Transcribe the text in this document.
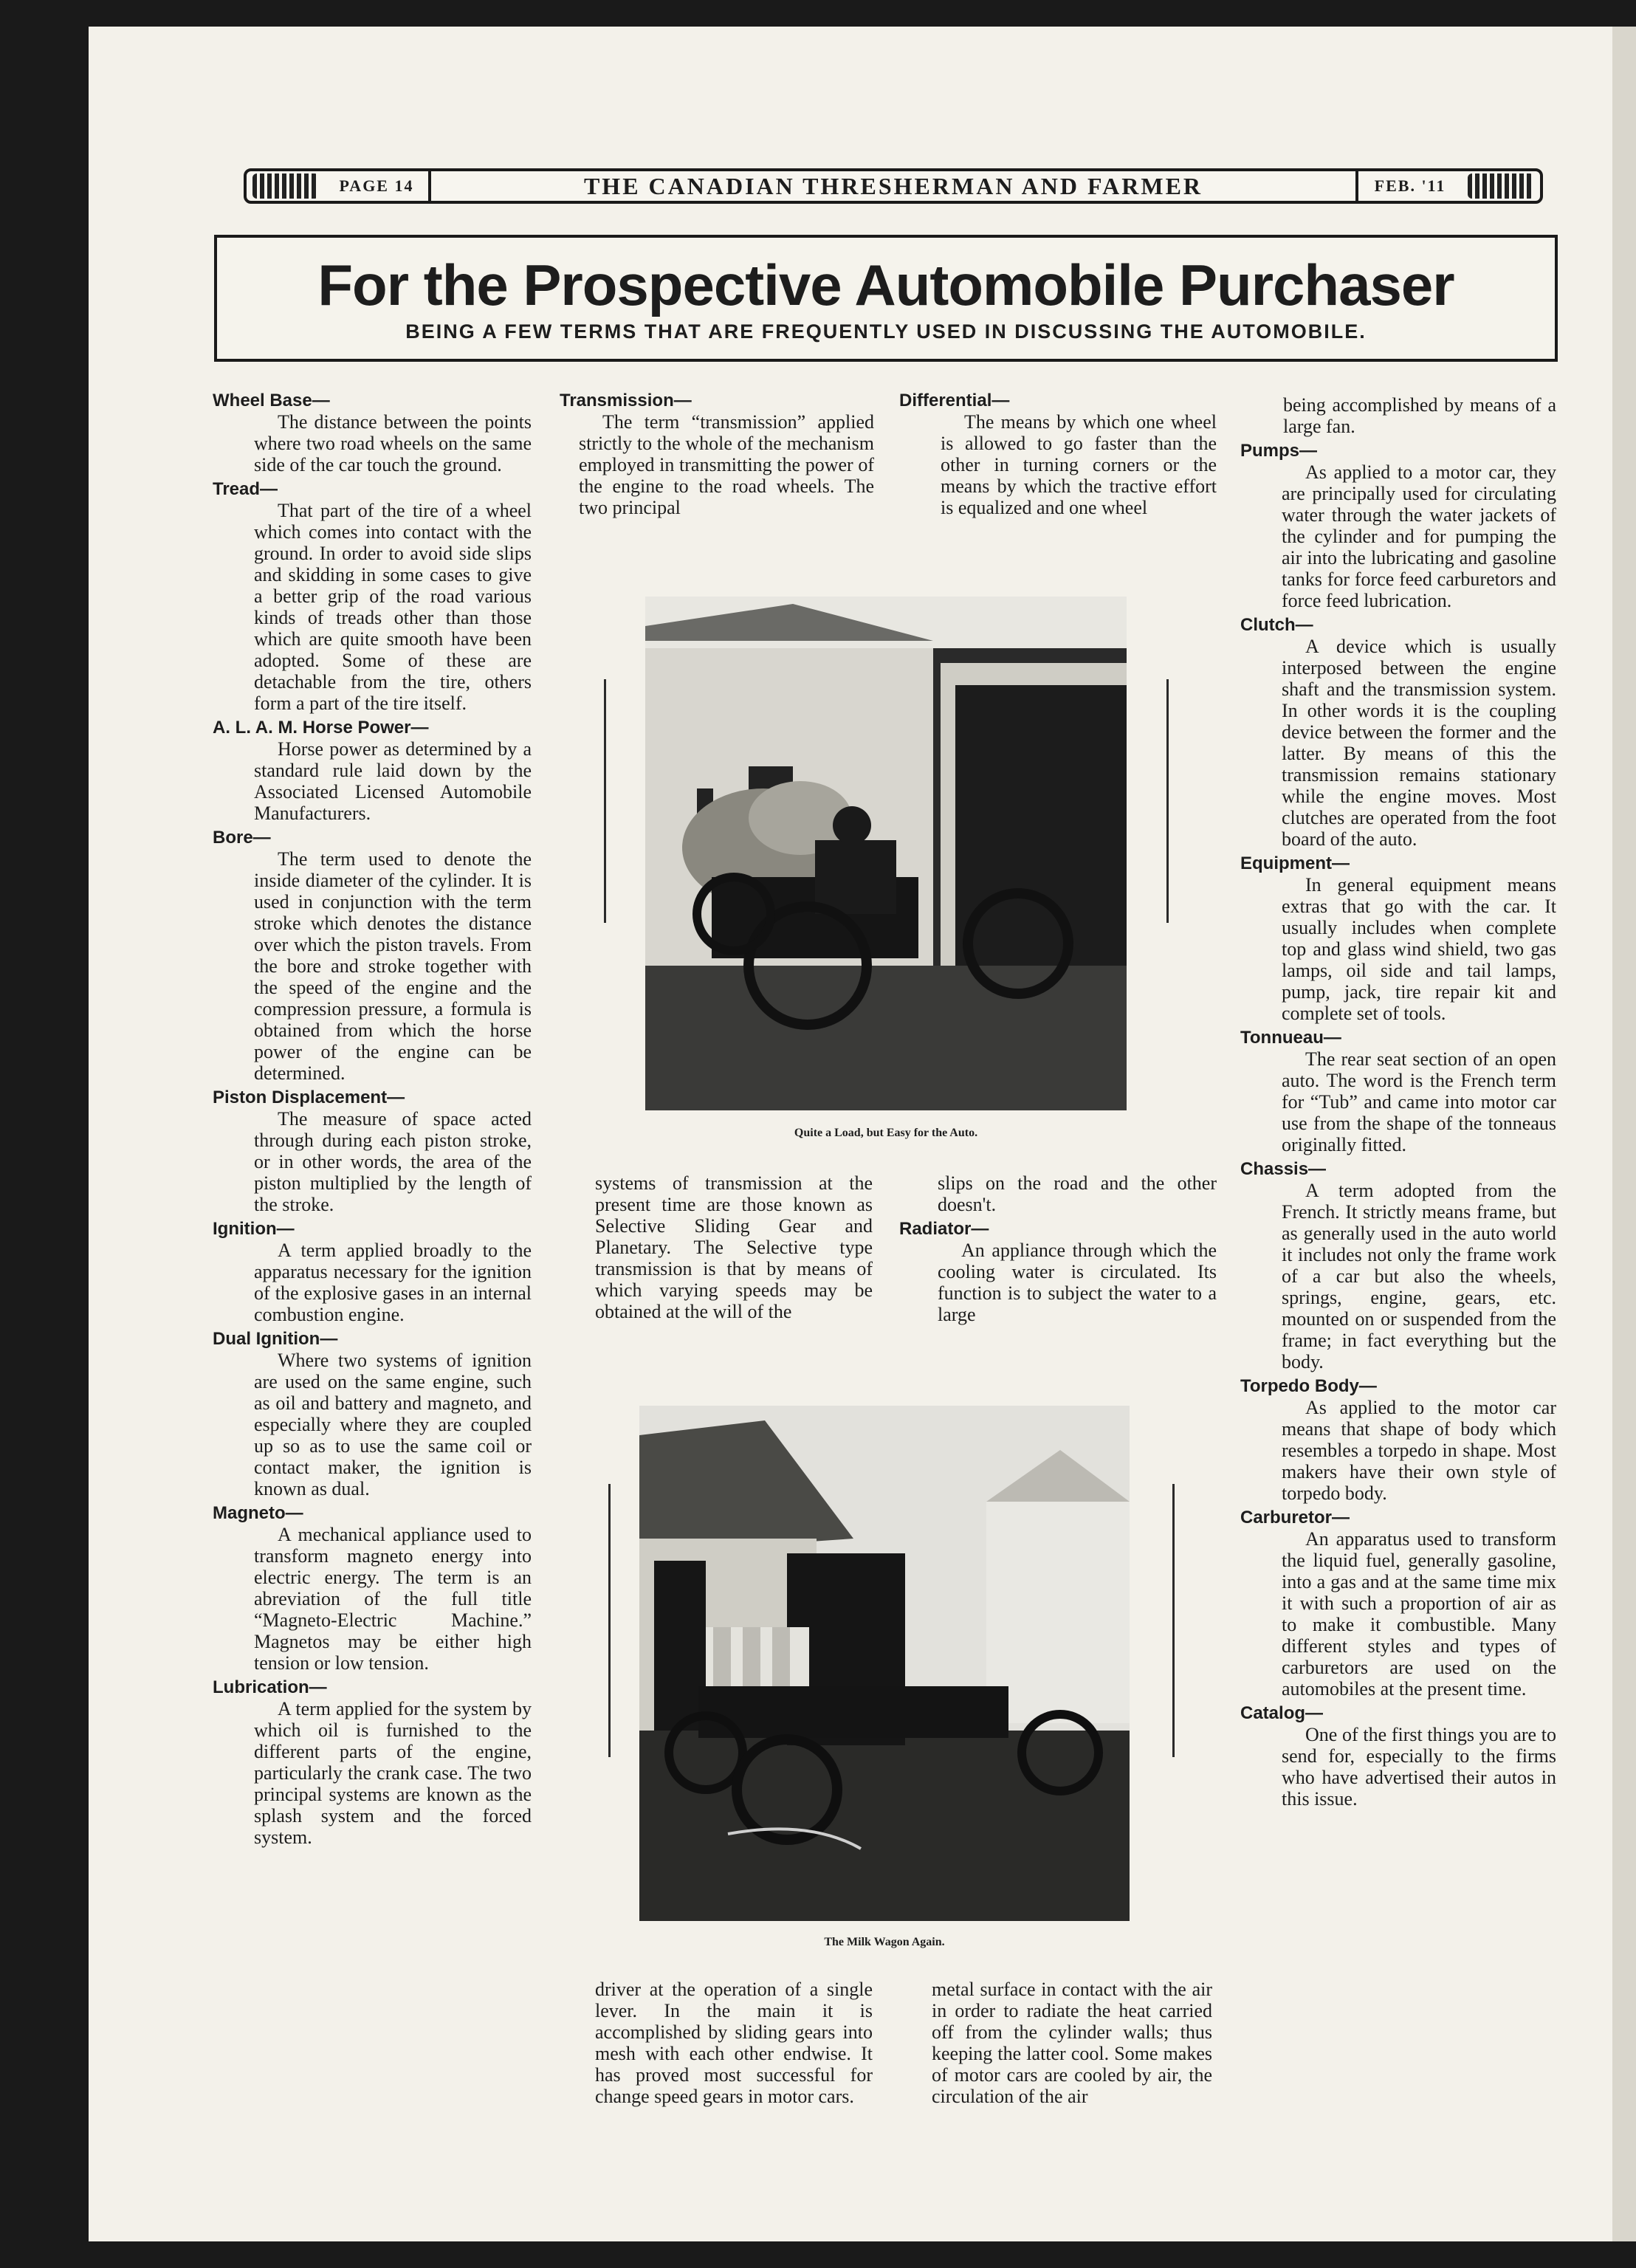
PAGE 14	THE CANADIAN THRESHERMAN AND FARMER	FEB. '11
For the Prospective Automobile Purchaser
BEING A FEW TERMS THAT ARE FREQUENTLY USED IN DISCUSSING THE AUTOMOBILE.
Wheel Base—

The distance between the points where two road wheels on the same side of the car touch the ground.

Tread—

That part of the tire of a wheel which comes into contact with the ground. In order to avoid side slips and skidding in some cases to give a better grip of the road various kinds of treads other than those which are quite smooth have been adopted. Some of these are detachable from the tire, others form a part of the tire itself.

A. L. A. M. Horse Power—

Horse power as determined by a standard rule laid down by the Associated Licensed Automobile Manufacturers.

Bore—

The term used to denote the inside diameter of the cylinder. It is used in conjunction with the term stroke which denotes the distance over which the piston travels. From the bore and stroke together with the speed of the engine and the compression pressure, a formula is obtained from which the horse power of the engine can be determined.

Piston Displacement—

The measure of space acted through during each piston stroke, or in other words, the area of the piston multiplied by the length of the stroke.

Ignition—

A term applied broadly to the apparatus necessary for the ignition of the explosive gases in an internal combustion engine.

Dual Ignition—

Where two systems of ignition are used on the same engine, such as oil and battery and magneto, and especially where they are coupled up so as to use the same coil or contact maker, the ignition is known as dual.

Magneto—

A mechanical appliance used to transform magneto energy into electric energy. The term is an abreviation of the full title “Magneto-Electric Machine.” Magnetos may be either high tension or low tension.

Lubrication—

A term applied for the system by which oil is furnished to the different parts of the engine, particularly the crank case. The two principal systems are known as the splash system and the forced system.

Transmission—

The term “transmission” applied strictly to the whole of the mechanism employed in transmitting the power of the engine to the road wheels. The two principal

Differential—

The means by which one wheel is allowed to go faster than the other in turning corners or the means by which the tractive effort is equalized and one wheel

Quite a Load, but Easy for the Auto.

systems of transmission at the present time are those known as Selective Sliding Gear and Planetary. The Selective type transmission is that by means of which varying speeds may be obtained at the will of the

slips on the road and the other doesn't.

Radiator—

An appliance through which the cooling water is circulated. Its function is to subject the water to a large

The Milk Wagon Again.

driver at the operation of a single lever. In the main it is accomplished by sliding gears into mesh with each other endwise. It has proved most successful for change speed gears in motor cars.

metal surface in contact with the air in order to radiate the heat carried off from the cylinder walls; thus keeping the latter cool. Some makes of motor cars are cooled by air, the circulation of the air

being accomplished by means of a large fan.

Pumps—

As applied to a motor car, they are principally used for circulating water through the water jackets of the cylinder and for pumping the air into the lubricating and gasoline tanks for force feed carburetors and force feed lubrication.

Clutch—

A device which is usually interposed between the engine shaft and the transmission system. In other words it is the coupling device between the former and the latter. By means of this the transmission remains stationary while the engine moves. Most clutches are operated from the foot board of the auto.

Equipment—

In general equipment means extras that go with the car. It usually includes when complete top and glass wind shield, two gas lamps, oil side and tail lamps, pump, jack, tire repair kit and complete set of tools.

Tonnueau—

The rear seat section of an open auto. The word is the French term for “Tub” and came into motor car use from the shape of the tonneaus originally fitted.

Chassis—

A term adopted from the French. It strictly means frame, but as generally used in the auto world it includes not only the frame work of a car but also the wheels, springs, engine, gears, etc. mounted on or suspended from the frame; in fact everything but the body.

Torpedo Body—

As applied to the motor car means that shape of body which resembles a torpedo in shape. Most makers have their own style of torpedo body.

Carburetor—

An apparatus used to transform the liquid fuel, generally gasoline, into a gas and at the same time mix it with such a proportion of air as to make it combustible. Many different styles and types of carburetors are used on the automobiles at the present time.

Catalog—

One of the first things you are to send for, especially to the firms who have advertised their autos in this issue.
